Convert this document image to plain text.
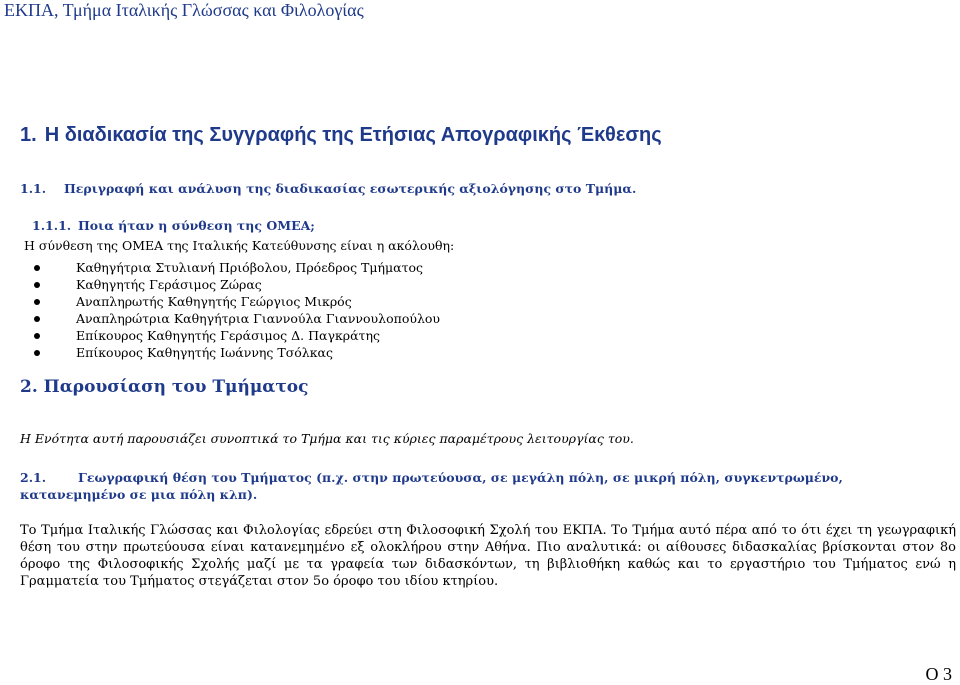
ΕΚΠΑ, Τμήμα Ιταλικής Γλώσσας και Φιλολογίας
1. Η διαδικασία της Συγγραφής της Ετήσιας Απογραφικής Έκθεσης
1.1. Περιγραφή και ανάλυση της διαδικασίας εσωτερικής αξιολόγησης στο Τμήμα.
1.1.1. Ποια ήταν η σύνθεση της ΟΜΕΑ;

Η σύνθεση της ΟΜΕΑ της Ιταλικής Κατεύθυνσης είναι η ακόλουθη:

Καθηγήτρια Στυλιανή Πριόβολου, Πρόεδρος Τμήματος
Καθηγητής Γεράσιμος Ζώρας
Αναπληρωτής Καθηγητής Γεώργιος Μικρός
Αναπληρώτρια Καθηγήτρια Γιαννούλα Γιαννουλοπούλου
Επίκουρος Καθηγητής Γεράσιμος Δ. Παγκράτης
Επίκουρος Καθηγητής Ιωάννης Τσόλκας
2. Παρουσίαση του Τμήματος

Η Ενότητα αυτή παρουσιάζει συνοπτικά το Τμήμα και τις κύριες παραμέτρους λειτουργίας του.

2.1.	Γεωγραφική θέση του Τμήματος (π.χ. στην πρωτεύουσα, σε μεγάλη πόλη, σε μικρή πόλη, συγκεντρωμένο, κατανεμημένο σε μια πόλη κλπ).

Το Τμήμα Ιταλικής Γλώσσας και Φιλολογίας εδρεύει στη Φιλοσοφική Σχολή του ΕΚΠΑ. Το Τμήμα αυτό πέρα από το ότι έχει τη γεωγραφική θέση του στην πρωτεύουσα είναι κατανεμημένο εξ ολοκλήρου στην Αθήνα. Πιο αναλυτικά: οι αίθουσες διδασκαλίας βρίσκονται στον 8ο όροφο της Φιλοσοφικής Σχολής μαζί με τα γραφεία των διδασκόντων, τη βιβλιοθήκη καθώς και το εργαστήριο του Τμήματος ενώ η Γραμματεία του Τμήματος στεγάζεται στον 5ο όροφο του ιδίου κτηρίου.

Ο 3
